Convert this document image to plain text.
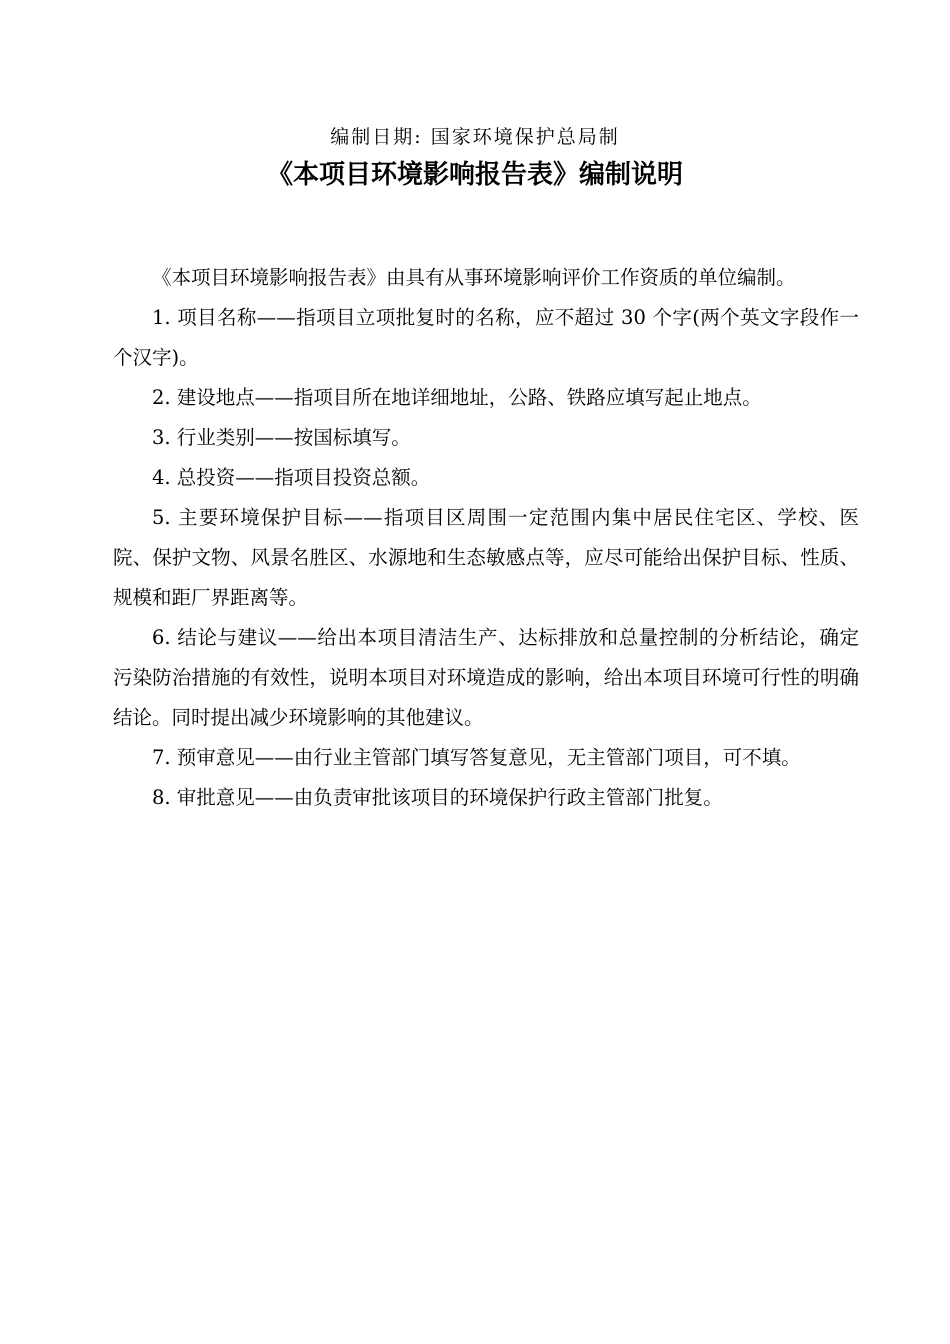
编制日期: 国家环境保护总局制
《本项目环境影响报告表》编制说明

《本项目环境影响报告表》由具有从事环境影响评价工作资质的单位编制。

1. 项目名称——指项目立项批复时的名称，应不超过 30 个字(两个英文字段作一个汉字)。

2. 建设地点——指项目所在地详细地址，公路、铁路应填写起止地点。

3. 行业类别——按国标填写。

4. 总投资——指项目投资总额。

5. 主要环境保护目标——指项目区周围一定范围内集中居民住宅区、学校、医院、保护文物、风景名胜区、水源地和生态敏感点等，应尽可能给出保护目标、性质、规模和距厂界距离等。

6. 结论与建议——给出本项目清洁生产、达标排放和总量控制的分析结论，确定污染防治措施的有效性，说明本项目对环境造成的影响，给出本项目环境可行性的明确结论。同时提出减少环境影响的其他建议。

7. 预审意见——由行业主管部门填写答复意见，无主管部门项目，可不填。

8. 审批意见——由负责审批该项目的环境保护行政主管部门批复。
